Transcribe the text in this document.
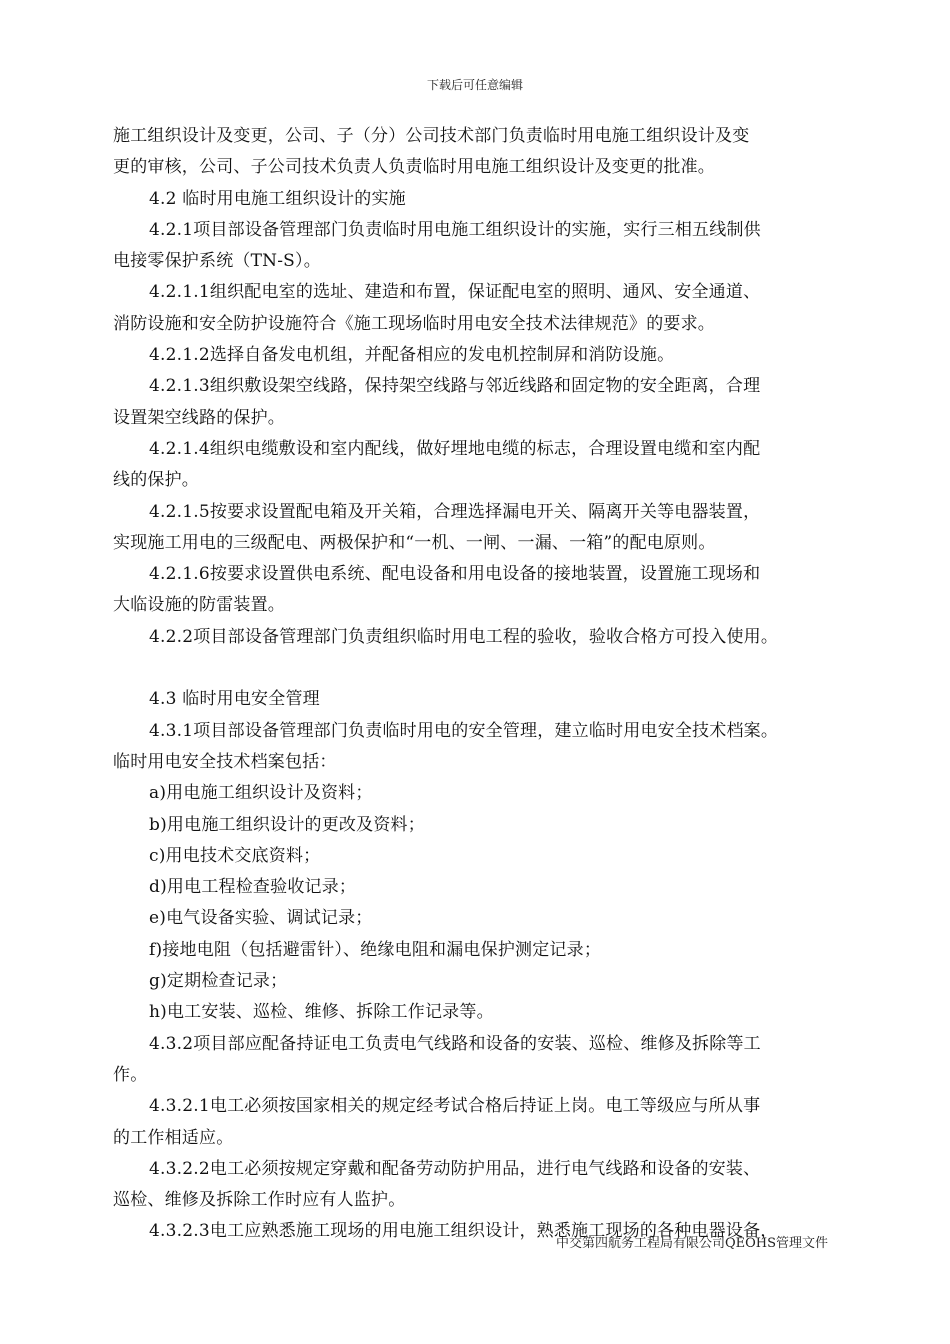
下载后可任意编辑

施工组织设计及变更，公司、子（分）公司技术部门负责临时用电施工组织设计及变

更的审核，公司、子公司技术负责人负责临时用电施工组织设计及变更的批准。

4.2 临时用电施工组织设计的实施

4.2.1项目部设备管理部门负责临时用电施工组织设计的实施，实行三相五线制供

电接零保护系统（TN-S）。

4.2.1.1组织配电室的选址、建造和布置，保证配电室的照明、通风、安全通道、

消防设施和安全防护设施符合《施工现场临时用电安全技术法律规范》的要求。

4.2.1.2选择自备发电机组，并配备相应的发电机控制屏和消防设施。

4.2.1.3组织敷设架空线路，保持架空线路与邻近线路和固定物的安全距离，合理

设置架空线路的保护。

4.2.1.4组织电缆敷设和室内配线，做好埋地电缆的标志，合理设置电缆和室内配

线的保护。

4.2.1.5按要求设置配电箱及开关箱，合理选择漏电开关、隔离开关等电器装置，

实现施工用电的三级配电、两极保护和“一机、一闸、一漏、一箱”的配电原则。

4.2.1.6按要求设置供电系统、配电设备和用电设备的接地装置，设置施工现场和

大临设施的防雷装置。

4.2.2项目部设备管理部门负责组织临时用电工程的验收，验收合格方可投入使用。

4.3 临时用电安全管理

4.3.1项目部设备管理部门负责临时用电的安全管理，建立临时用电安全技术档案。

临时用电安全技术档案包括：

a)用电施工组织设计及资料；

b)用电施工组织设计的更改及资料；

c)用电技术交底资料；

d)用电工程检查验收记录；

e)电气设备实验、调试记录；

f)接地电阻（包括避雷针）、绝缘电阻和漏电保护测定记录；

g)定期检查记录；

h)电工安装、巡检、维修、拆除工作记录等。

4.3.2项目部应配备持证电工负责电气线路和设备的安装、巡检、维修及拆除等工

作。

4.3.2.1电工必须按国家相关的规定经考试合格后持证上岗。电工等级应与所从事

的工作相适应。

4.3.2.2电工必须按规定穿戴和配备劳动防护用品，进行电气线路和设备的安装、

巡检、维修及拆除工作时应有人监护。

4.3.2.3电工应熟悉施工现场的用电施工组织设计，熟悉施工现场的各种电器设备，

中交第四航务工程局有限公司QEOHS管理文件
